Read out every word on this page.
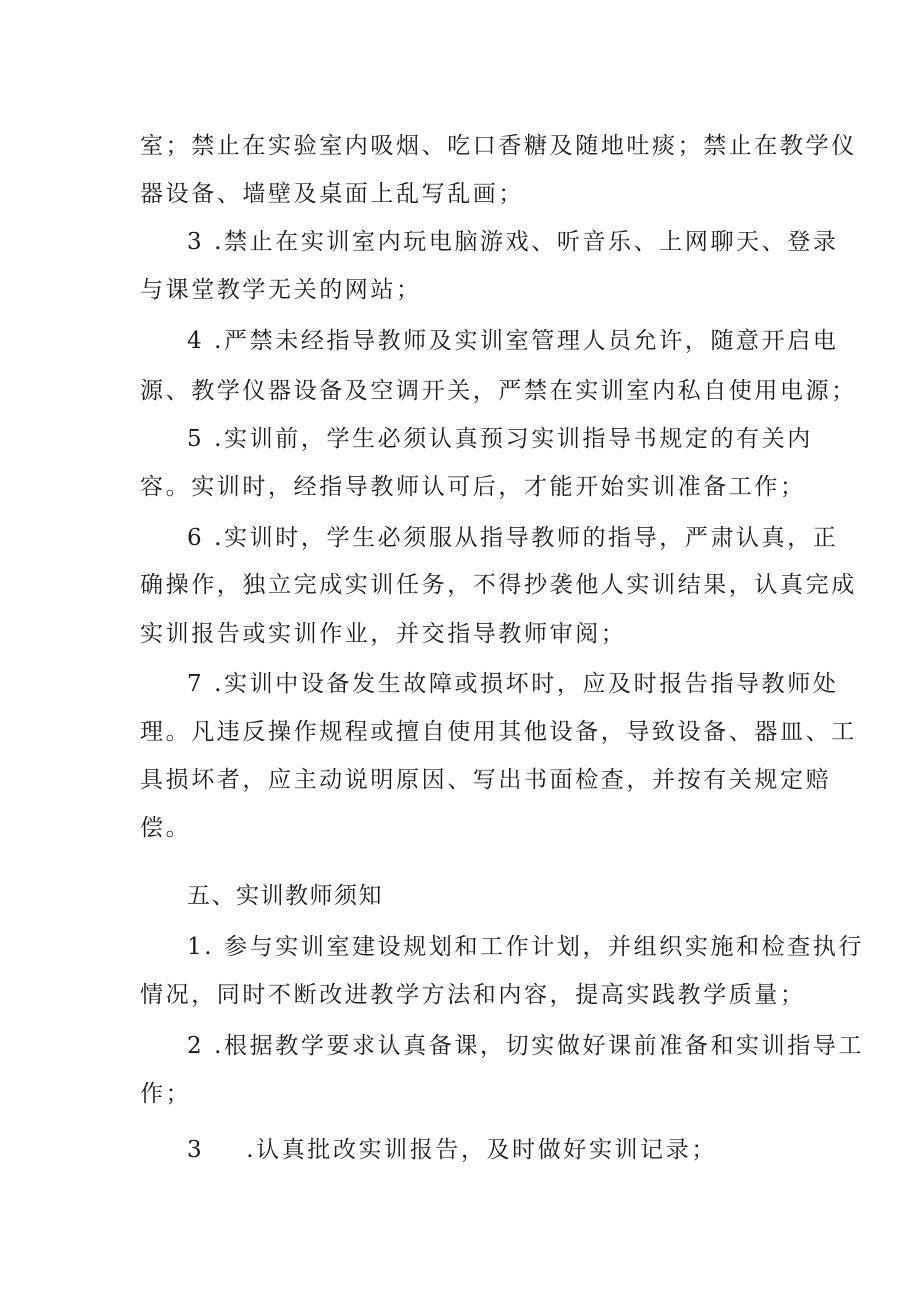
室；禁止在实验室内吸烟、吃口香糖及随地吐痰；禁止在教学仪

器设备、墙壁及桌面上乱写乱画；

3 .禁止在实训室内玩电脑游戏、听音乐、上网聊天、登录

与课堂教学无关的网站；

4 .严禁未经指导教师及实训室管理人员允许，随意开启电

源、教学仪器设备及空调开关，严禁在实训室内私自使用电源；

5 .实训前，学生必须认真预习实训指导书规定的有关内

容。实训时，经指导教师认可后，才能开始实训准备工作；

6 .实训时，学生必须服从指导教师的指导，严肃认真，正

确操作，独立完成实训任务，不得抄袭他人实训结果，认真完成

实训报告或实训作业，并交指导教师审阅；

7 .实训中设备发生故障或损坏时，应及时报告指导教师处

理。凡违反操作规程或擅自使用其他设备，导致设备、器皿、工

具损坏者，应主动说明原因、写出书面检查，并按有关规定赔

偿。

五、实训教师须知

1. 参与实训室建设规划和工作计划，并组织实施和检查执行

情况，同时不断改进教学方法和内容，提高实践教学质量；

2 .根据教学要求认真备课，切实做好课前准备和实训指导工

作；

3 .认真批改实训报告，及时做好实训记录；
